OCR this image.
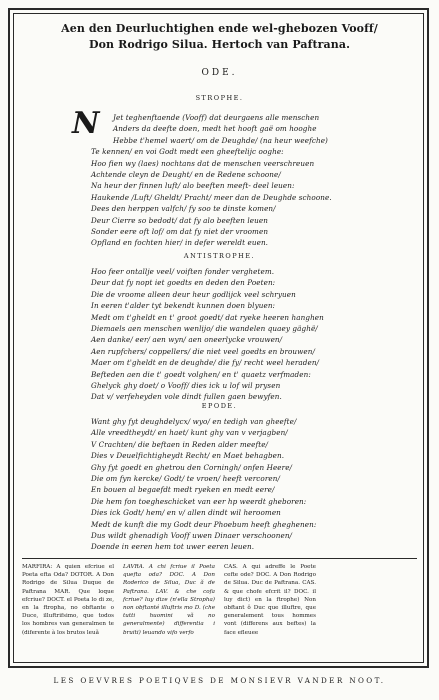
Aen den Deurluchtighen ende wel-ghebozen Vooff/
Don Rodrigo Silua. Hertoch van Paftrana.
ODE.
STROPHE.
N	Jet teghenftaende (Vooff) dat deurgaens alle menschen
Anders da deefte doen, medt het hooft gaë om hooghe
Hebbe t'hemel waert/ om de Deughde/ (na heur weefche)
Te kennen/ en voi Godt medt een gheeftelijc ooghe:
Hoo fien wy (laes) nochtans dat de menschen veerschreuen
Achtende cleyn de Deught/ en de Redene schoone/
Na heur der finnen luft/ alo beeften meeft- deel leuen:
Haukende /Luft/ Gheldt/ Pracht/ meer dan de Deughde schoone.
Dees den herppen valfch/ fy soo te dinste komen/
Deur Cierre so bedodt/ dat fy alo beeften leuen
Sonder eere oft lof/ om dat fy niet der vroomen
Opfland en fochten hier/ in defer wereldt euen.
ANTISTROPHE.
Hoo feer ontallje veel/ voiften fonder verghetem.
Deur dat fy nopt iet goedts en deden den Poeten:
Die de vroome alleen deur heur godlijck veel schryuen
In eeren t'alder tyt bekendt kunnen doen blyuen:
Medt om t'gheldt en t' groot goedt/ dat ryeke heeren hanghen
Diemaels aen menschen wenlijo/ die wandelen quaey gäghë/
Aen danke/ eer/ aen wyn/ aen oneerlycke vrouwen/
Aen rupfchers/ coppellers/ die niet veel goedts en brouwen/
Maer om t'gheldt en de deughde/ die fy/ recht weel heraden/
Befteden aen die t' goedt volghen/ en t' quaetz verfmaden:
Ghelyck ghy doet/ o Vooff/ dies ick u lof wil prysen
Dat v/ verfeheyden vole dindt fullen gaen bewyfen.
EPODE.
Want ghy fyt deughdelycx/ wyo/ en tedigh van gheefte/
Alle vreedtheydt/ en haet/ kunt ghy van v verjagben/
V Crachten/ die beftaen in Reden alder meefte/
Dies v Deuelfichtigheydt Recht/ en Maet behagben.
Ghy fyt goedt en ghetrou den Corningh/ onfen Heere/
Die om fyn kercke/ Godt/ te vroen/ heeft vercoren/
En bouen al begaefdt medt ryeken en medt eere/
Die hem fon toegheschicket van eer hp weerdt gheboren:
Dies ick Godt/ hem/ en v/ allen dindt wil heroomen
Medt de kunft die my Godt deur Phoebum heeft gheghenen:
Dus wildt ghenadigh Vooff uwen Dinaer verschoonen/
Doende in eeren hem tot uwer eeren leuen.
MARFIRA: A quien efcriue el Poeta efta Oda? DOTOR. A Don Rodrigo de Silua Duque de Paftrana MAR. Que loque efcriue? DOCT. el Poeta lo di ze, en la ftropha, no obftante o Duce, illuftrifsimo, que todos los hombres van generalmen te (diferente à los brutos leuã
LAVRA. A chi fcriue il Poeta quefta oda? DOC. A Don Roderico de Silua, Duc ă de Paftrana. LAV. & che cofa fcriue? luy dize (n'ella Stropha) non obftanté illuftris mo D. (che tutti huomini vă no generalmente) differentia i bruiti) leuando vifo verfo
CAS. A qui adreffe le Poete cefte ode? DOC. A Don Rodrigo de Silua. Duc de Paftrana. CAS. & que chofe efcrit il? DOC. il luy dict) en la ftrophe) Non obftant ô Duc que illuftre, que generalement tous hommes vont (differens aux beftes) la face efleuee
LES OEVVRES POETIQVES DE MONSIEVR VANDER NOOT.
